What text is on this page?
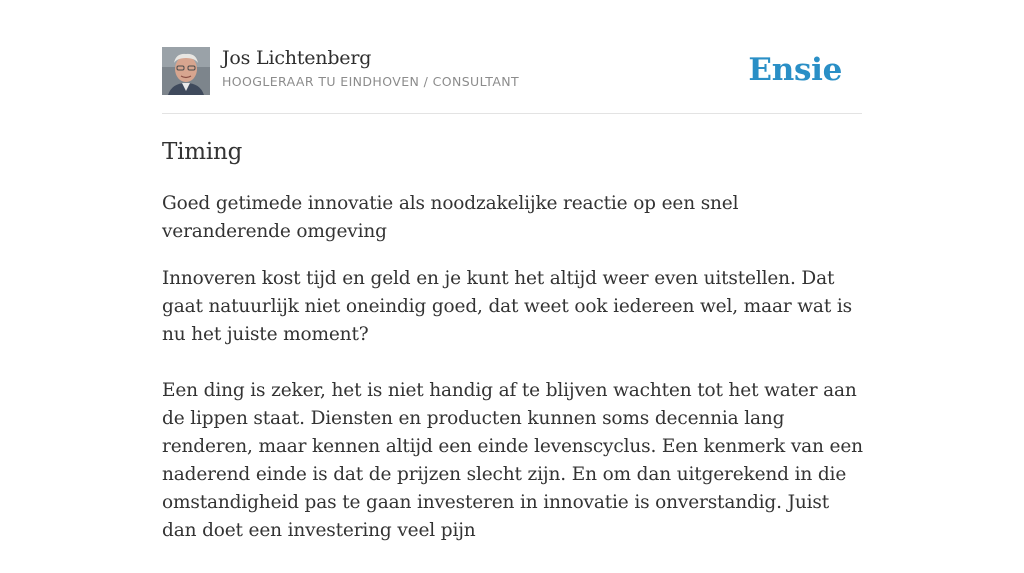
Jos Lichtenberg
HOOGLERAAR TU EINDHOVEN / CONSULTANT	Ensie
Timing

Goed getimede innovatie als noodzakelijke reactie op een snel veranderende omgeving

Innoveren kost tijd en geld en je kunt het altijd weer even uitstellen. Dat gaat natuurlijk niet oneindig goed, dat weet ook iedereen wel, maar wat is nu het juiste moment?

Een ding is zeker, het is niet handig af te blijven wachten tot het water aan de lippen staat. Diensten en producten kunnen soms decennia lang renderen, maar kennen altijd een einde levenscyclus. Een kenmerk van een naderend einde is dat de prijzen slecht zijn. En om dan uitgerekend in die omstandigheid pas te gaan investeren in innovatie is onverstandig. Juist dan doet een investering veel pijn
